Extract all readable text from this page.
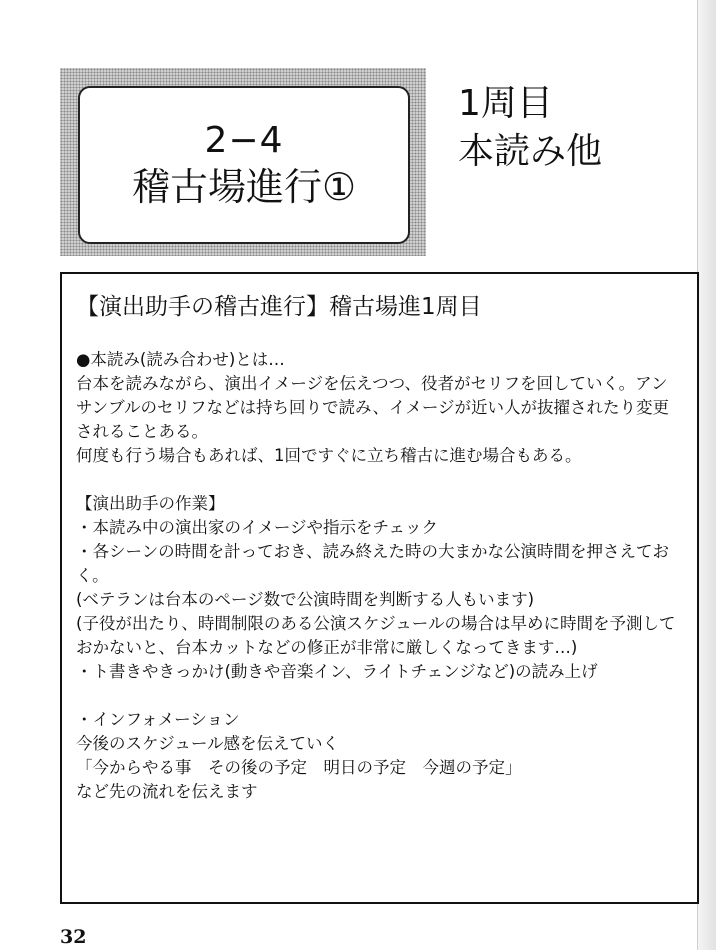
2−4
稽古場進行①
1周目
本読み他
【演出助手の稽古進行】稽古場進1周目
●本読み(読み合わせ)とは…

台本を読みながら、演出イメージを伝えつつ、役者がセリフを回していく。アンサンブルのセリフなどは持ち回りで読み、イメージが近い人が抜擢されたり変更されることある。

何度も行う場合もあれば、1回ですぐに立ち稽古に進む場合もある。

【演出助手の作業】

・本読み中の演出家のイメージや指示をチェック

・各シーンの時間を計っておき、読み終えた時の大まかな公演時間を押さえておく。

(ベテランは台本のページ数で公演時間を判断する人もいます)

(子役が出たり、時間制限のある公演スケジュールの場合は早めに時間を予測しておかないと、台本カットなどの修正が非常に厳しくなってきます…)

・ト書きやきっかけ(動きや音楽イン、ライトチェンジなど)の読み上げ

・インフォメーション

今後のスケジュール感を伝えていく

「今からやる事　その後の予定　明日の予定　今週の予定」

など先の流れを伝えます

32
